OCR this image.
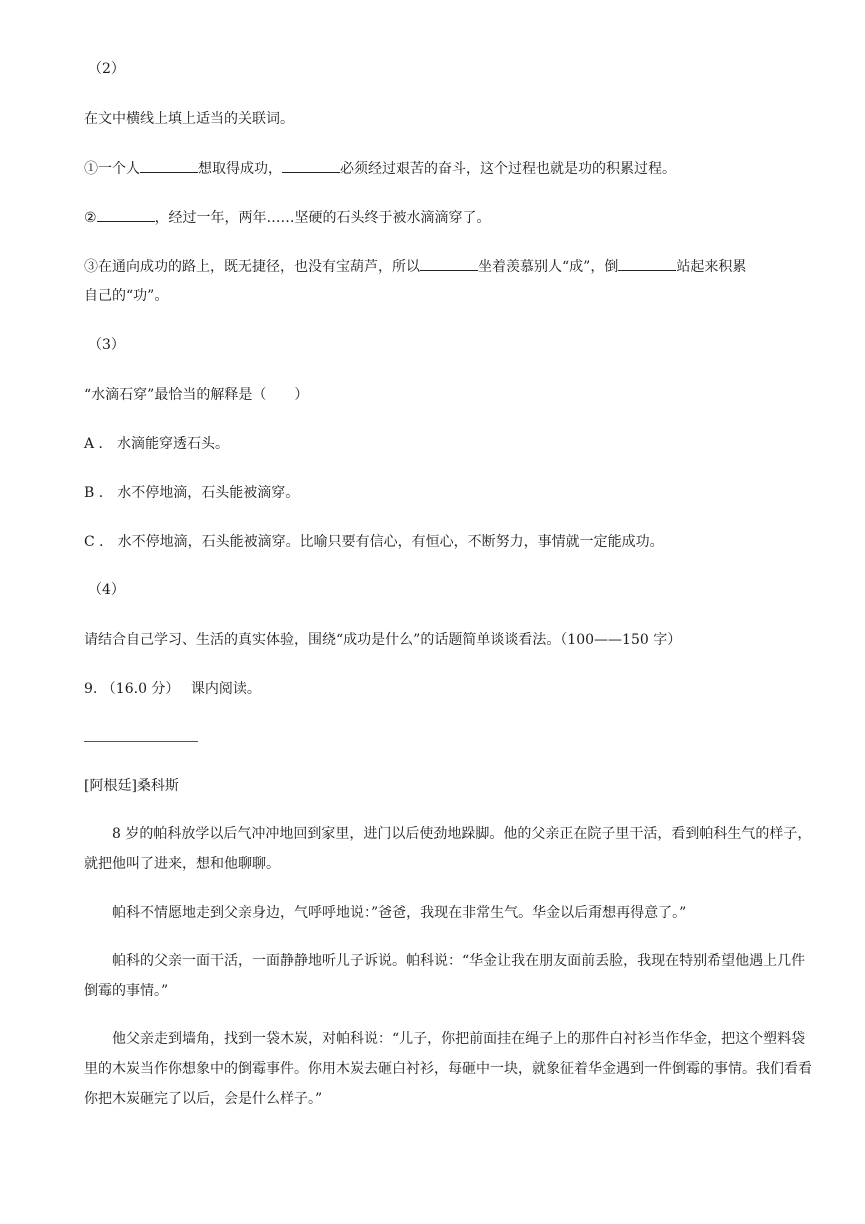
（2）
在文中横线上填上适当的关联词。
①一个人	想取得成功，	必须经过艰苦的奋斗，这个过程也就是功的积累过程。
②	，经过一年，两年……坚硬的石头终于被水滴滴穿了。
③在通向成功的路上，既无捷径，也没有宝葫芦，所以	坐着羡慕别人“成”，倒	站起来积累
自己的“功”。
（3）
“水滴石穿”最恰当的解释是（　　）
A ． 水滴能穿透石头。
B ． 水不停地滴，石头能被滴穿。
C ． 水不停地滴，石头能被滴穿。比喻只要有信心，有恒心，不断努力，事情就一定能成功。
（4）
请结合自己学习、生活的真实体验，围绕“成功是什么”的话题简单谈谈看法。（100——150 字）
9. （16.0 分）　 课内阅读。
[阿根廷]桑科斯
8 岁的帕科放学以后气冲冲地回到家里，进门以后使劲地跺脚。他的父亲正在院子里干活，看到帕科生气的样子，就把他叫了进来，想和他聊聊。
帕科不情愿地走到父亲身边，气呼呼地说：”爸爸，我现在非常生气。华金以后甭想再得意了。”
帕科的父亲一面干活，一面静静地听儿子诉说。帕科说：“华金让我在朋友面前丢脸，我现在特别希望他遇上几件倒霉的事情。”
他父亲走到墙角，找到一袋木炭，对帕科说：“儿子，你把前面挂在绳子上的那件白衬衫当作华金，把这个塑料袋里的木炭当作你想象中的倒霉事件。你用木炭去砸白衬衫，每砸中一块，就象征着华金遇到一件倒霉的事情。我们看看你把木炭砸完了以后，会是什么样子。”
